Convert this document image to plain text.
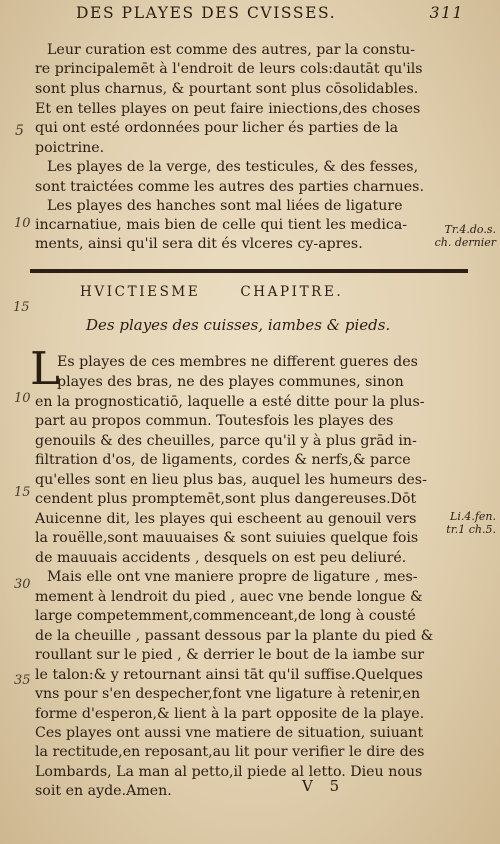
DES PLAYES DES CVISSES.	311
Leur curation est comme des autres, par la constu-
re principalemēt à l'endroit de leurs cols:dautāt qu'ils
sont plus charnus, & pourtant sont plus cōsolidables.
Et en telles playes on peut faire iniections,des choses
qui ont esté ordonnées pour licher és parties de la
poictrine.
Les playes de la verge, des testicules, & des fesses,
sont traictées comme les autres des parties charnues.
Les playes des hanches sont mal liées de ligature
incarnatiue, mais bien de celle qui tient les medica-
ments, ainsi qu'il sera dit és vlceres cy-apres.
5
10	Tr.4.do.s.
ch. dernier
HVICTIESME	CHAPITRE.
15
Des playes des cuisses, iambes & pieds.
L
Es playes de ces membres ne different gueres des
playes des bras, ne des playes communes, sinon
en la prognosticatiō, laquelle a esté ditte pour la plus-
part au propos commun. Toutesfois les playes des
genouils & des cheuilles, parce qu'il y à plus grād in-
filtration d'os, de ligaments, cordes & nerfs,& parce
qu'elles sont en lieu plus bas, auquel les humeurs des-
cendent plus promptemēt,sont plus dangereuses.Dōt
Auicenne dit, les playes qui escheent au genouil vers
la rouëlle,sont mauuaises & sont suiuies quelque fois
de mauuais accidents , desquels on est peu deliuré.
Mais elle ont vne maniere propre de ligature , mes-
mement à lendroit du pied , auec vne bende longue &
large competemment,commenceant,de long à cousté
de la cheuille , passant dessous par la plante du pied &
roullant sur le pied , & derrier le bout de la iambe sur
le talon:& y retournant ainsi tāt qu'il suffise.Quelques
vns pour s'en despecher,font vne ligature à retenir,en
forme d'esperon,& lient à la part opposite de la playe.
Ces playes ont aussi vne matiere de situation, suiuant
la rectitude,en reposant,au lit pour verifier le dire des
Lombards, La man al petto,il piede al letto. Dieu nous
soit en ayde.Amen.
10
15
30
35
Li.4.fen.
tr.1 ch.5.
V 5
